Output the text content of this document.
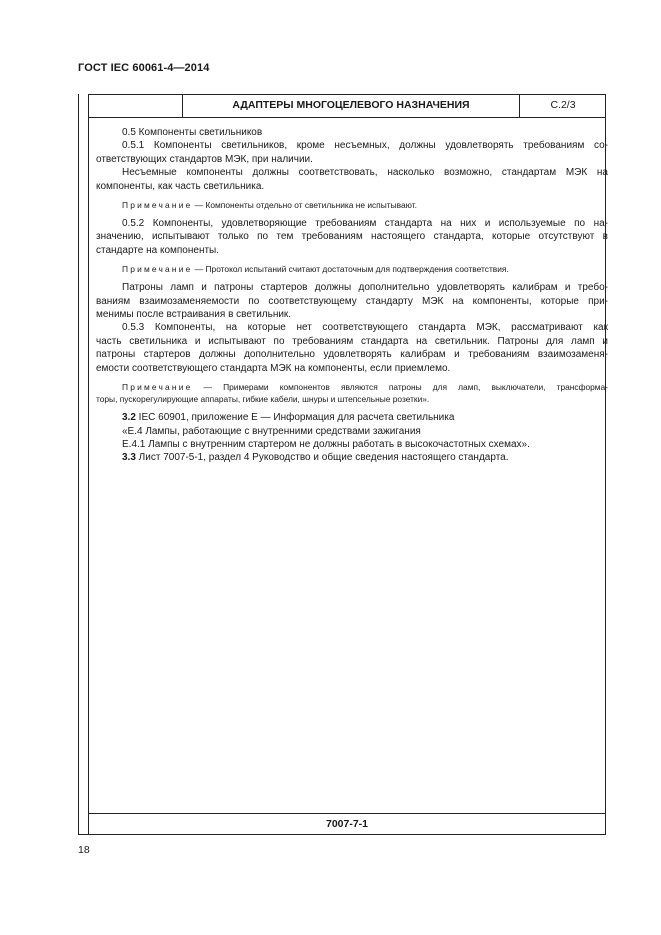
ГОСТ IEC 60061-4—2014
АДАПТЕРЫ МНОГОЦЕЛЕВОГО НАЗНАЧЕНИЯ	С.2/3

0.5 Компоненты светильников

0.5.1 Компоненты светильников, кроме несъемных, должны удовлетворять требованиям со-

ответствующих стандартов МЭК, при наличии.

Несъемные компоненты должны соответствовать, насколько возможно, стандартам МЭК на

компоненты, как часть светильника.

Примечание — Компоненты отдельно от светильника не испытывают.

0.5.2 Компоненты, удовлетворяющие требованиям стандарта на них и используемые по на-

значению, испытывают только по тем требованиям настоящего стандарта, которые отсутствуют в

стандарте на компоненты.

Примечание — Протокол испытаний считают достаточным для подтверждения соответствия.

Патроны ламп и патроны стартеров должны дополнительно удовлетворять калибрам и требо-

ваниям взаимозаменяемости по соответствующему стандарту МЭК на компоненты, которые при-

менимы после встраивания в светильник.

0.5.3 Компоненты, на которые нет соответствующего стандарта МЭК, рассматривают как

часть светильника и испытывают по требованиям стандарта на светильник. Патроны для ламп и

патроны стартеров должны дополнительно удовлетворять калибрам и требованиям взаимозаменя-

емости соответствующего стандарта МЭК на компоненты, если приемлемо.

Примечание — Примерами компонентов являются патроны для ламп, выключатели, трансформа-

торы, пускорегулирующие аппараты, гибкие кабели, шнуры и штепсельные розетки».

3.2 IEC 60901, приложение Е — Информация для расчета светильника

«Е.4 Лампы, работающие с внутренними средствами зажигания

Е.4.1 Лампы с внутренним стартером не должны работать в высокочастотных схемах».

3.3 Лист 7007-5-1, раздел 4 Руководство и общие сведения настоящего стандарта.

7007-7-1
18
